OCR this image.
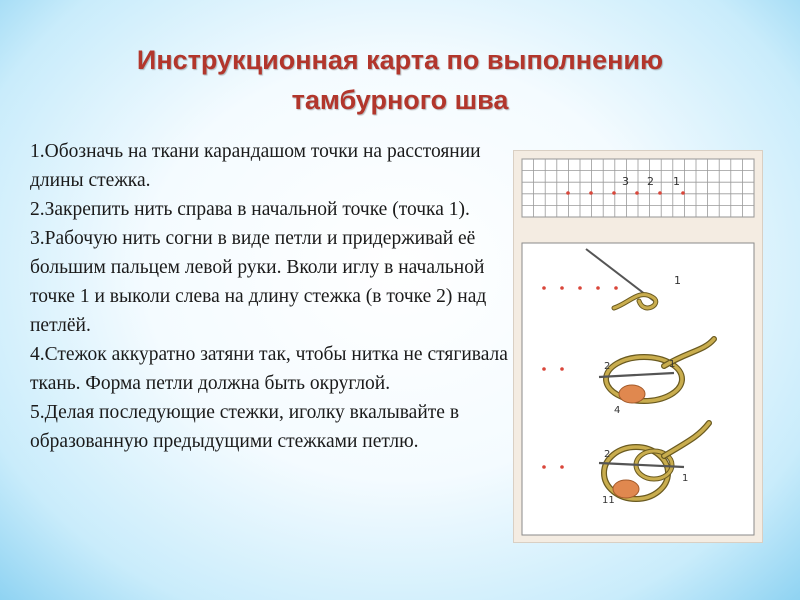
Инструкционная карта по выполнению
тамбурного шва

1.Обозначь на ткани карандашом точки на расстоянии длины стежка.

2.Закрепить нить справа в начальной точке (точка 1).

3.Рабочую нить согни в виде петли и придерживай её большим пальцем левой руки. Вколи иглу в начальной точке 1 и выколи слева на длину стежка (в точке 2) над петлёй.

4.Стежок аккуратно затяни так, чтобы нитка не стягивала ткань. Форма петли должна быть округлой.

5.Делая последующие стежки, иголку вкалывайте в образованную предыдущими стежками петлю.

3 2 1
1
1
2
4
1
2
11
